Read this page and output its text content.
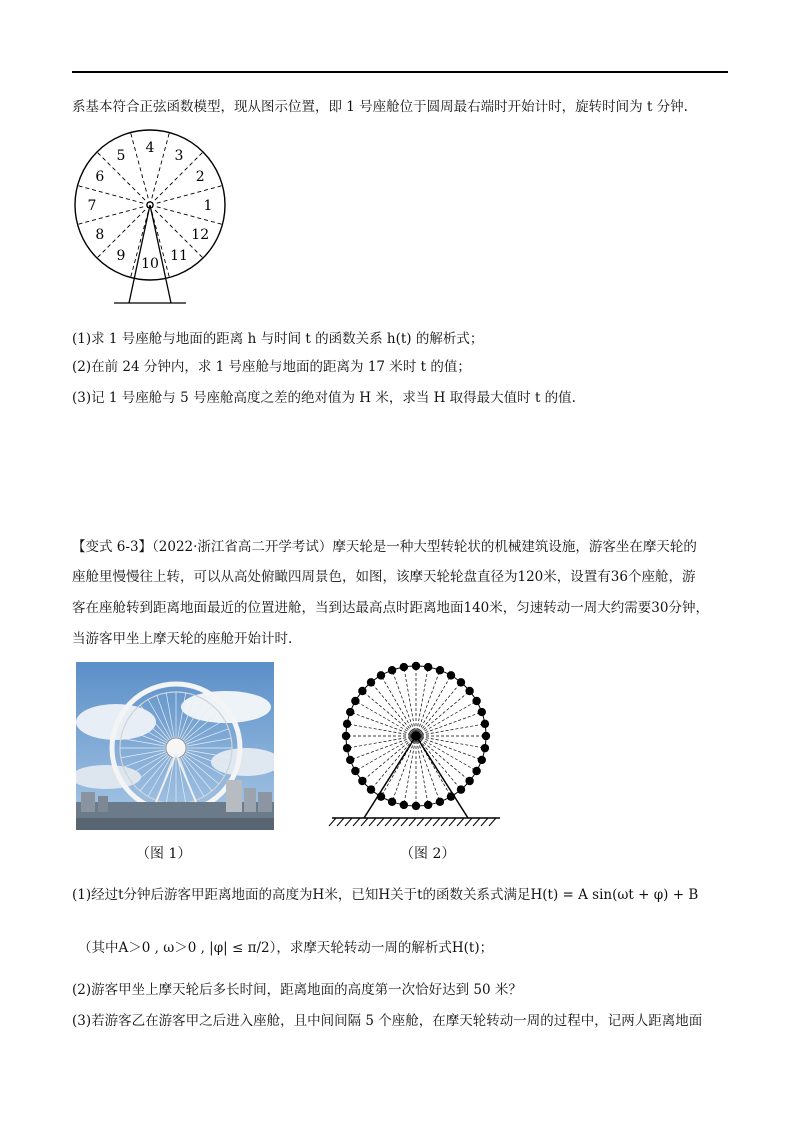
系基本符合正弦函数模型，现从图示位置，即 1 号座舱位于圆周最右端时开始计时，旋转时间为 t 分钟.
1
2
3
4
5
6
7
8
9 10 11
12
(1)求 1 号座舱与地面的距离 h 与时间 t 的函数关系 h(t) 的解析式；
(2)在前 24 分钟内，求 1 号座舱与地面的距离为 17 米时 t 的值；
(3)记 1 号座舱与 5 号座舱高度之差的绝对值为 H 米，求当 H 取得最大值时 t 的值.
【变式 6-3】（2022·浙江省高二开学考试）摩天轮是一种大型转轮状的机械建筑设施，游客坐在摩天轮的
座舱里慢慢往上转，可以从高处俯瞰四周景色，如图，该摩天轮轮盘直径为120米，设置有36个座舱，游
客在座舱转到距离地面最近的位置进舱，当到达最高点时距离地面140米，匀速转动一周大约需要30分钟，
当游客甲坐上摩天轮的座舱开始计时.
（图 1）	（图 2）
(1)经过t分钟后游客甲距离地面的高度为H米，已知H关于t的函数关系式满足H(t) = A sin(ωt + φ) + B
（其中A＞0 , ω＞0 , |φ| ≤ π/2），求摩天轮转动一周的解析式H(t)；
(2)游客甲坐上摩天轮后多长时间，距离地面的高度第一次恰好达到 50 米？
(3)若游客乙在游客甲之后进入座舱，且中间间隔 5 个座舱，在摩天轮转动一周的过程中，记两人距离地面
